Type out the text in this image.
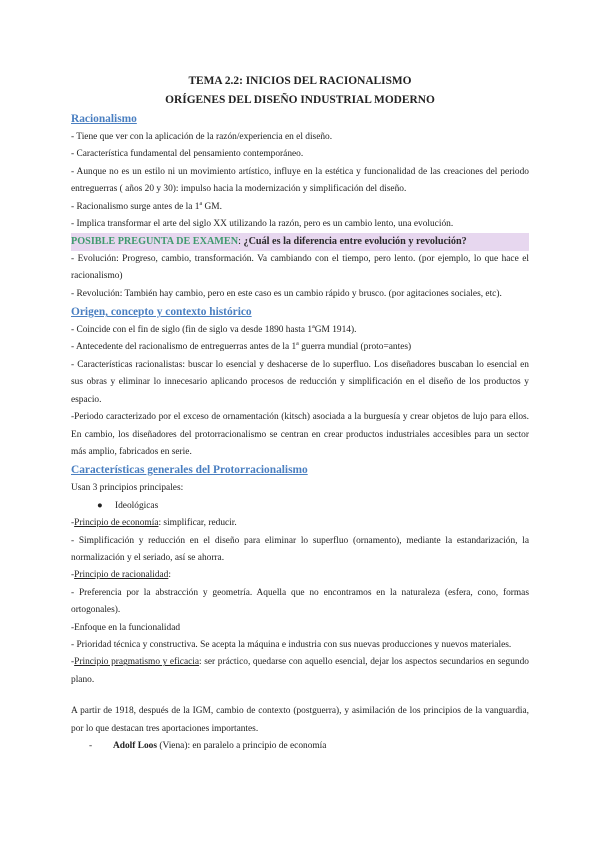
TEMA 2.2: INICIOS DEL RACIONALISMO

ORÍGENES DEL DISEÑO INDUSTRIAL MODERNO

Racionalismo

- Tiene que ver con la aplicación de la razón/experiencia en el diseño.

- Característica fundamental del pensamiento contemporáneo.

- Aunque no es un estilo ni un movimiento artístico, influye en la estética y funcionalidad de las creaciones del periodo entreguerras ( años 20 y 30): impulso hacia la modernización y simplificación del diseño.

- Racionalismo surge antes de la 1$^a$ GM.

- Implica transformar el arte del siglo XX utilizando la razón, pero es un cambio lento, una evolución.

POSIBLE PREGUNTA DE EXAMEN: ¿Cuál es la diferencia entre evolución y revolución?

- Evolución: Progreso, cambio, transformación. Va cambiando con el tiempo, pero lento. (por ejemplo, lo que hace el racionalismo)

- Revolución: También hay cambio, pero en este caso es un cambio rápido y brusco. (por agitaciones sociales, etc).

Origen, concepto y contexto histórico

- Coincide con el fin de siglo (fin de siglo va desde 1890 hasta 1$^a$GM 1914).

- Antecedente del racionalismo de entreguerras antes de la 1$^a$ guerra mundial (proto=antes)

- Características racionalistas: buscar lo esencial y deshacerse de lo superfluo. Los diseñadores buscaban lo esencial en sus obras y eliminar lo innecesario aplicando procesos de reducción y simplificación en el diseño de los productos y espacio.

-Periodo caracterizado por el exceso de ornamentación (kitsch) asociada a la burguesía y crear objetos de lujo para ellos. En cambio, los diseñadores del protorracionalismo se centran en crear productos industriales accesibles para un sector más amplio, fabricados en serie.

Características generales del Protorracionalismo

Usan 3 principios principales:

● Ideológicas

-Principio de economía: simplificar, reducir.

- Simplificación y reducción en el diseño para eliminar lo superfluo (ornamento), mediante la estandarización, la normalización y el seriado, así se ahorra.

-Principio de racionalidad:

- Preferencia por la abstracción y geometría. Aquella que no encontramos en la naturaleza (esfera, cono, formas ortogonales).

-Enfoque en la funcionalidad

- Prioridad técnica y constructiva. Se acepta la máquina e industria con sus nuevas producciones y nuevos materiales.

-Principio pragmatismo y eficacia: ser práctico, quedarse con aquello esencial, dejar los aspectos secundarios en segundo plano.

A partir de 1918, después de la IGM, cambio de contexto (postguerra), y asimilación de los principios de la vanguardia, por lo que destacan tres aportaciones importantes.

- Adolf Loos (Viena): en paralelo a principio de economía
